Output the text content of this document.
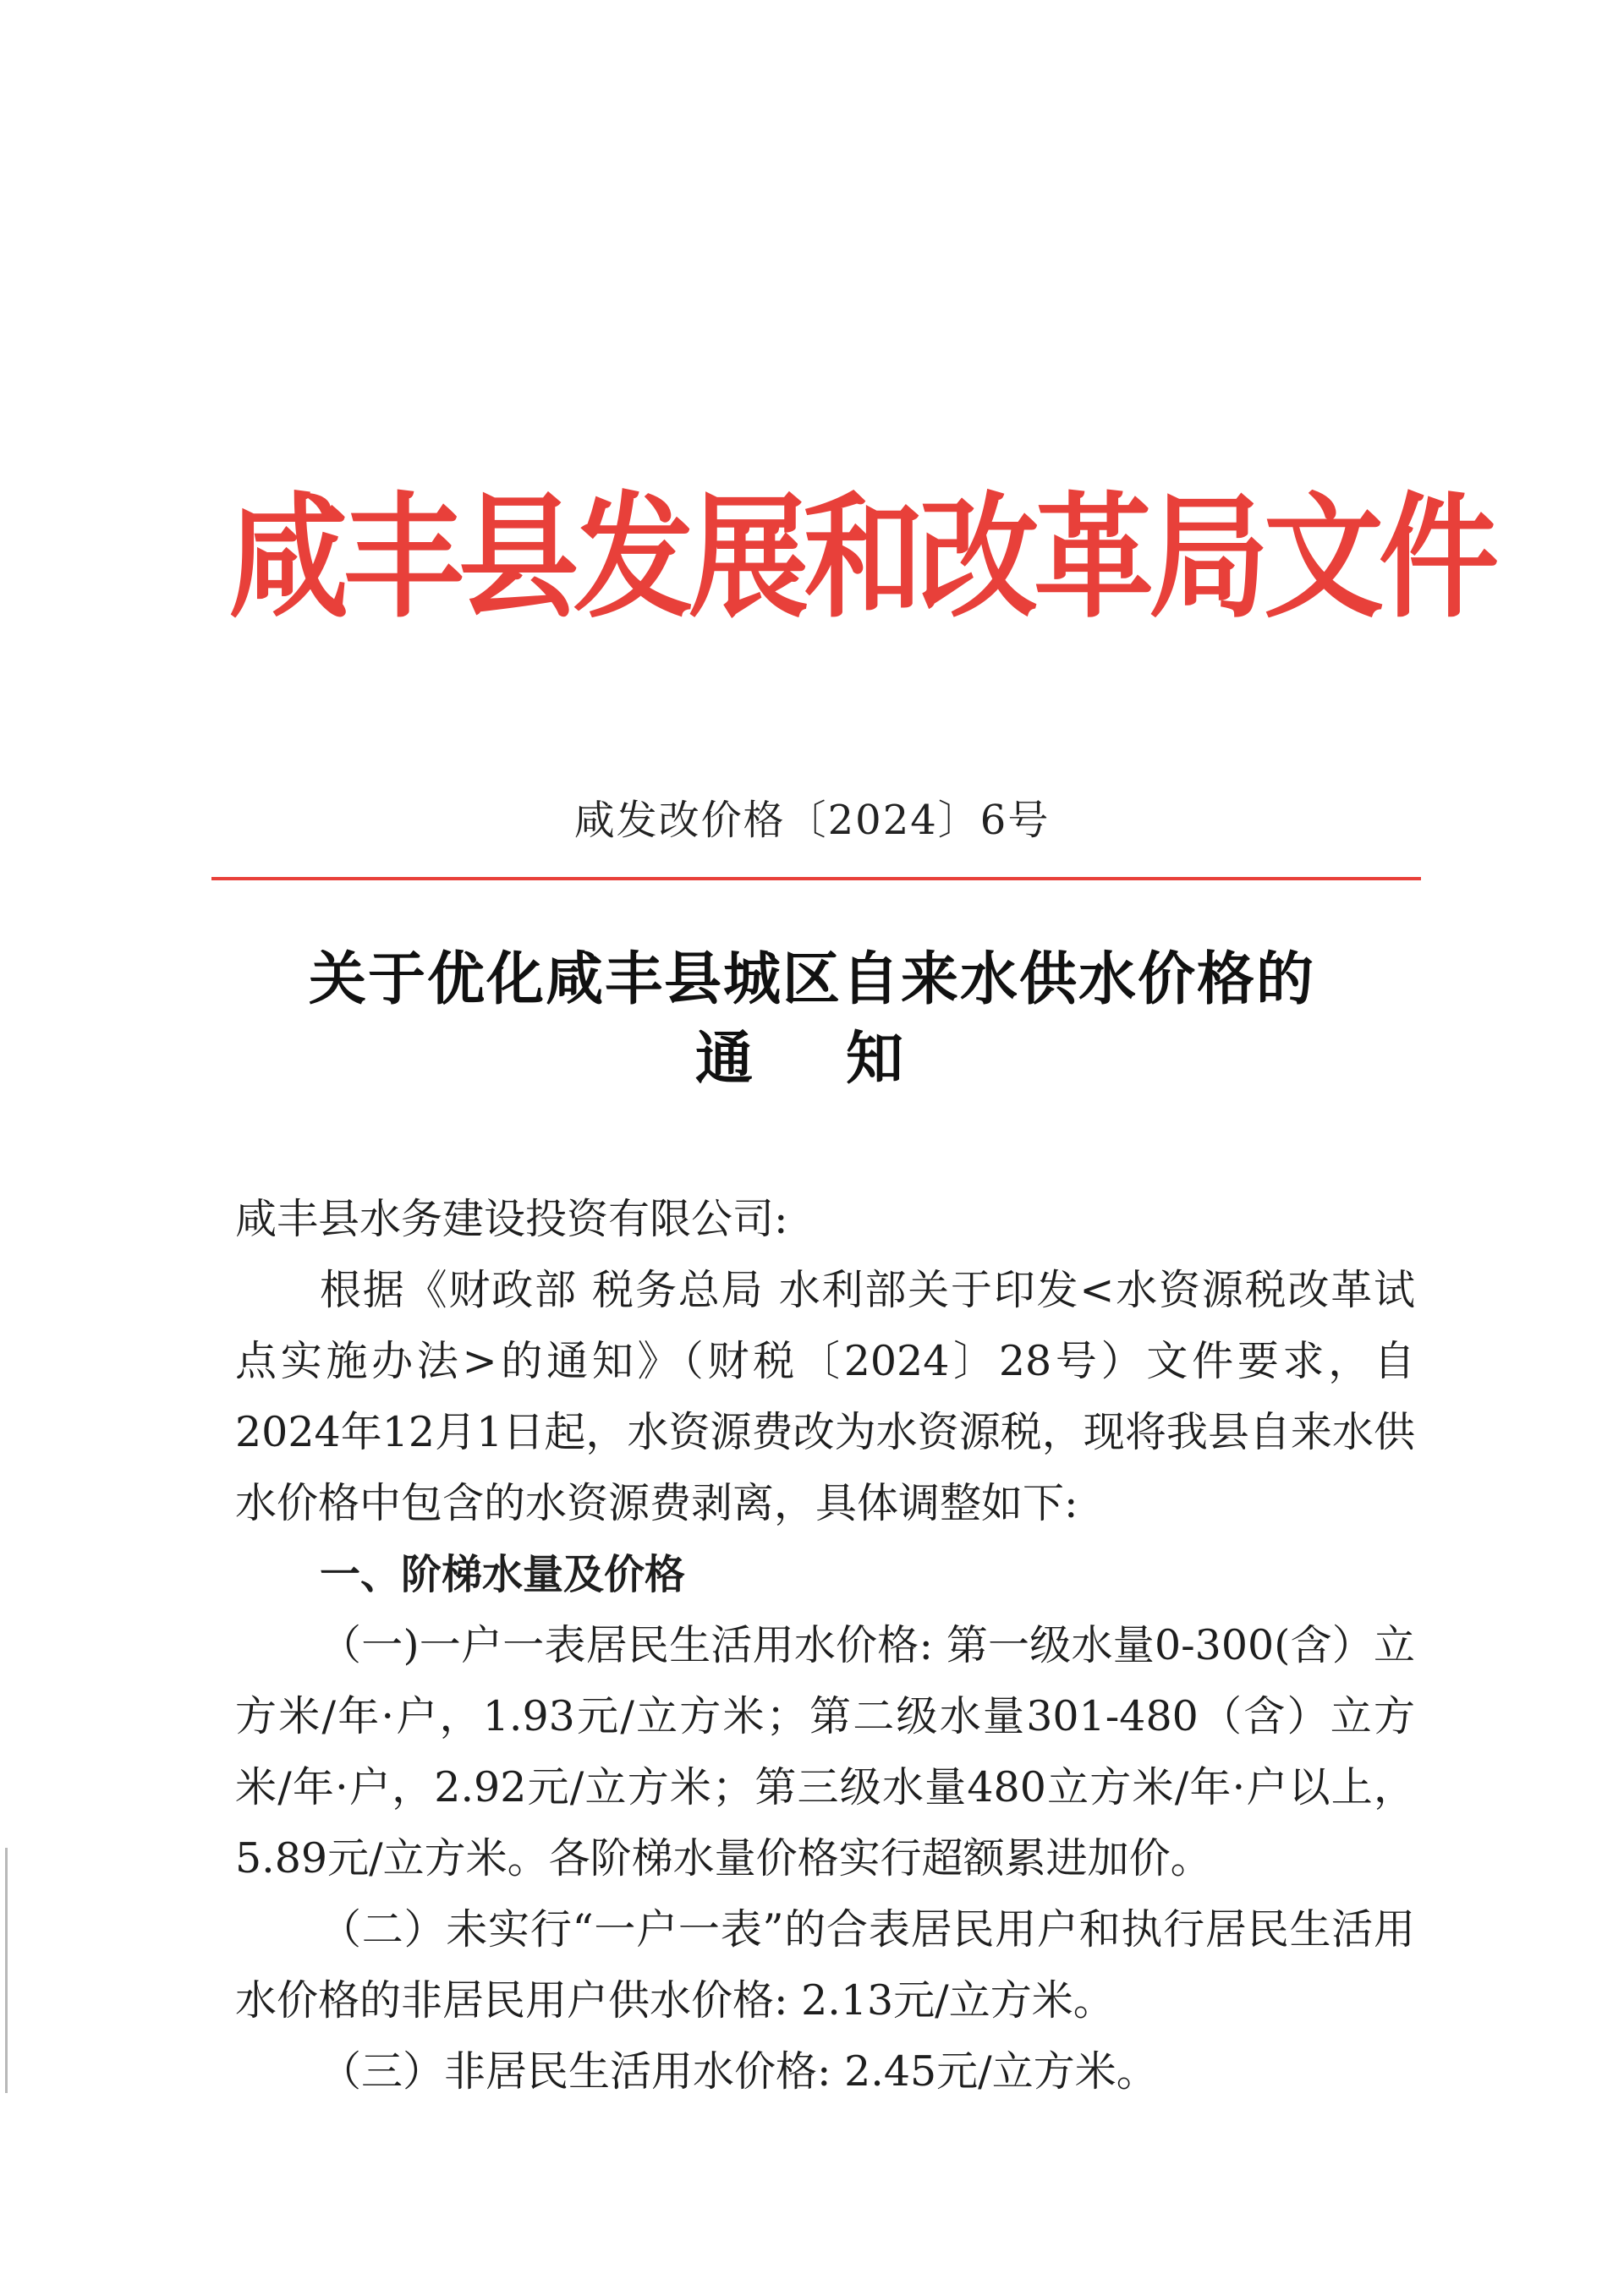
咸丰县发展和改革局文件
咸发改价格〔2024〕6号
关于优化咸丰县城区自来水供水价格的
通知

咸丰县水务建设投资有限公司:

根据《财政部 税务总局 水利部关于印发<水资源税改革试点实施办法>的通知》（财税〔2024〕28号）文件要求，自2024年12月1日起，水资源费改为水资源税，现将我县自来水供水价格中包含的水资源费剥离，具体调整如下:

一、阶梯水量及价格

（一)一户一表居民生活用水价格: 第一级水量0-300(含）立方米/年·户，1.93元/立方米；第二级水量301-480（含）立方米/年·户，2.92元/立方米；第三级水量480立方米/年·户以上，5.89元/立方米。各阶梯水量价格实行超额累进加价。

（二）未实行“一户一表”的合表居民用户和执行居民生活用水价格的非居民用户供水价格: 2.13元/立方米。

（三）非居民生活用水价格: 2.45元/立方米。
